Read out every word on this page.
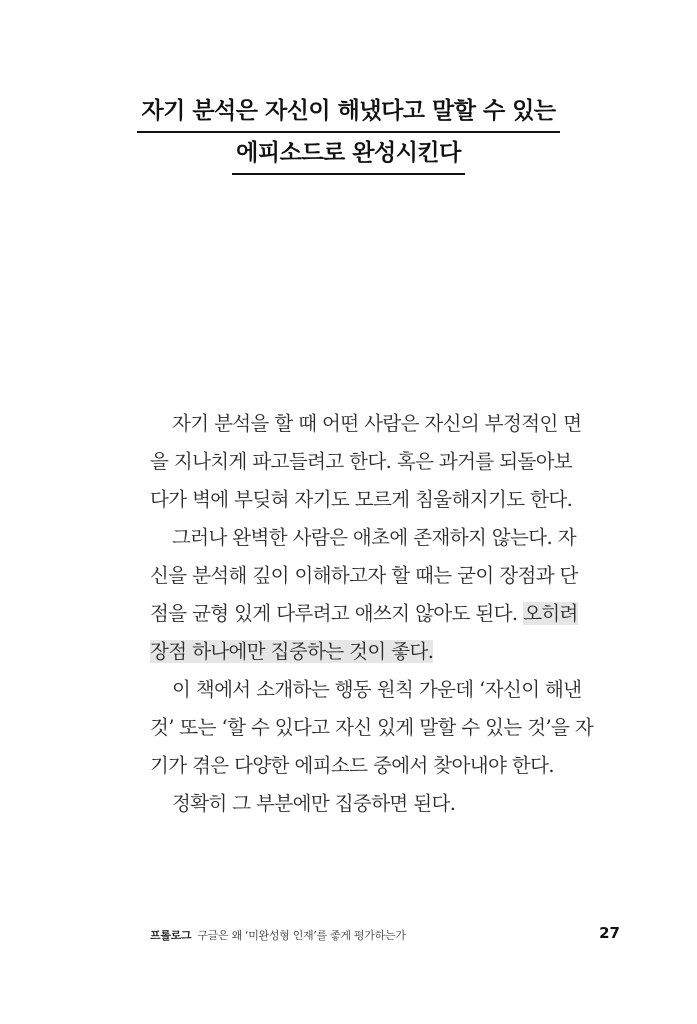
자기 분석은 자신이 해냈다고 말할 수 있는
에피소드로 완성시킨다
자기 분석을 할 때 어떤 사람은 자신의 부정적인 면
을 지나치게 파고들려고 한다. 혹은 과거를 되돌아보
다가 벽에 부딪혀 자기도 모르게 침울해지기도 한다.
그러나 완벽한 사람은 애초에 존재하지 않는다. 자
신을 분석해 깊이 이해하고자 할 때는 굳이 장점과 단
점을 균형 있게 다루려고 애쓰지 않아도 된다. 오히려
장점 하나에만 집중하는 것이 좋다.
이 책에서 소개하는 행동 원칙 가운데 ‘자신이 해낸
것’ 또는 ‘할 수 있다고 자신 있게 말할 수 있는 것’을 자
기가 겪은 다양한 에피소드 중에서 찾아내야 한다.
정확히 그 부분에만 집중하면 된다.
프롤로그 구글은 왜 ‘미완성형 인재’를 좋게 평가하는가	27
